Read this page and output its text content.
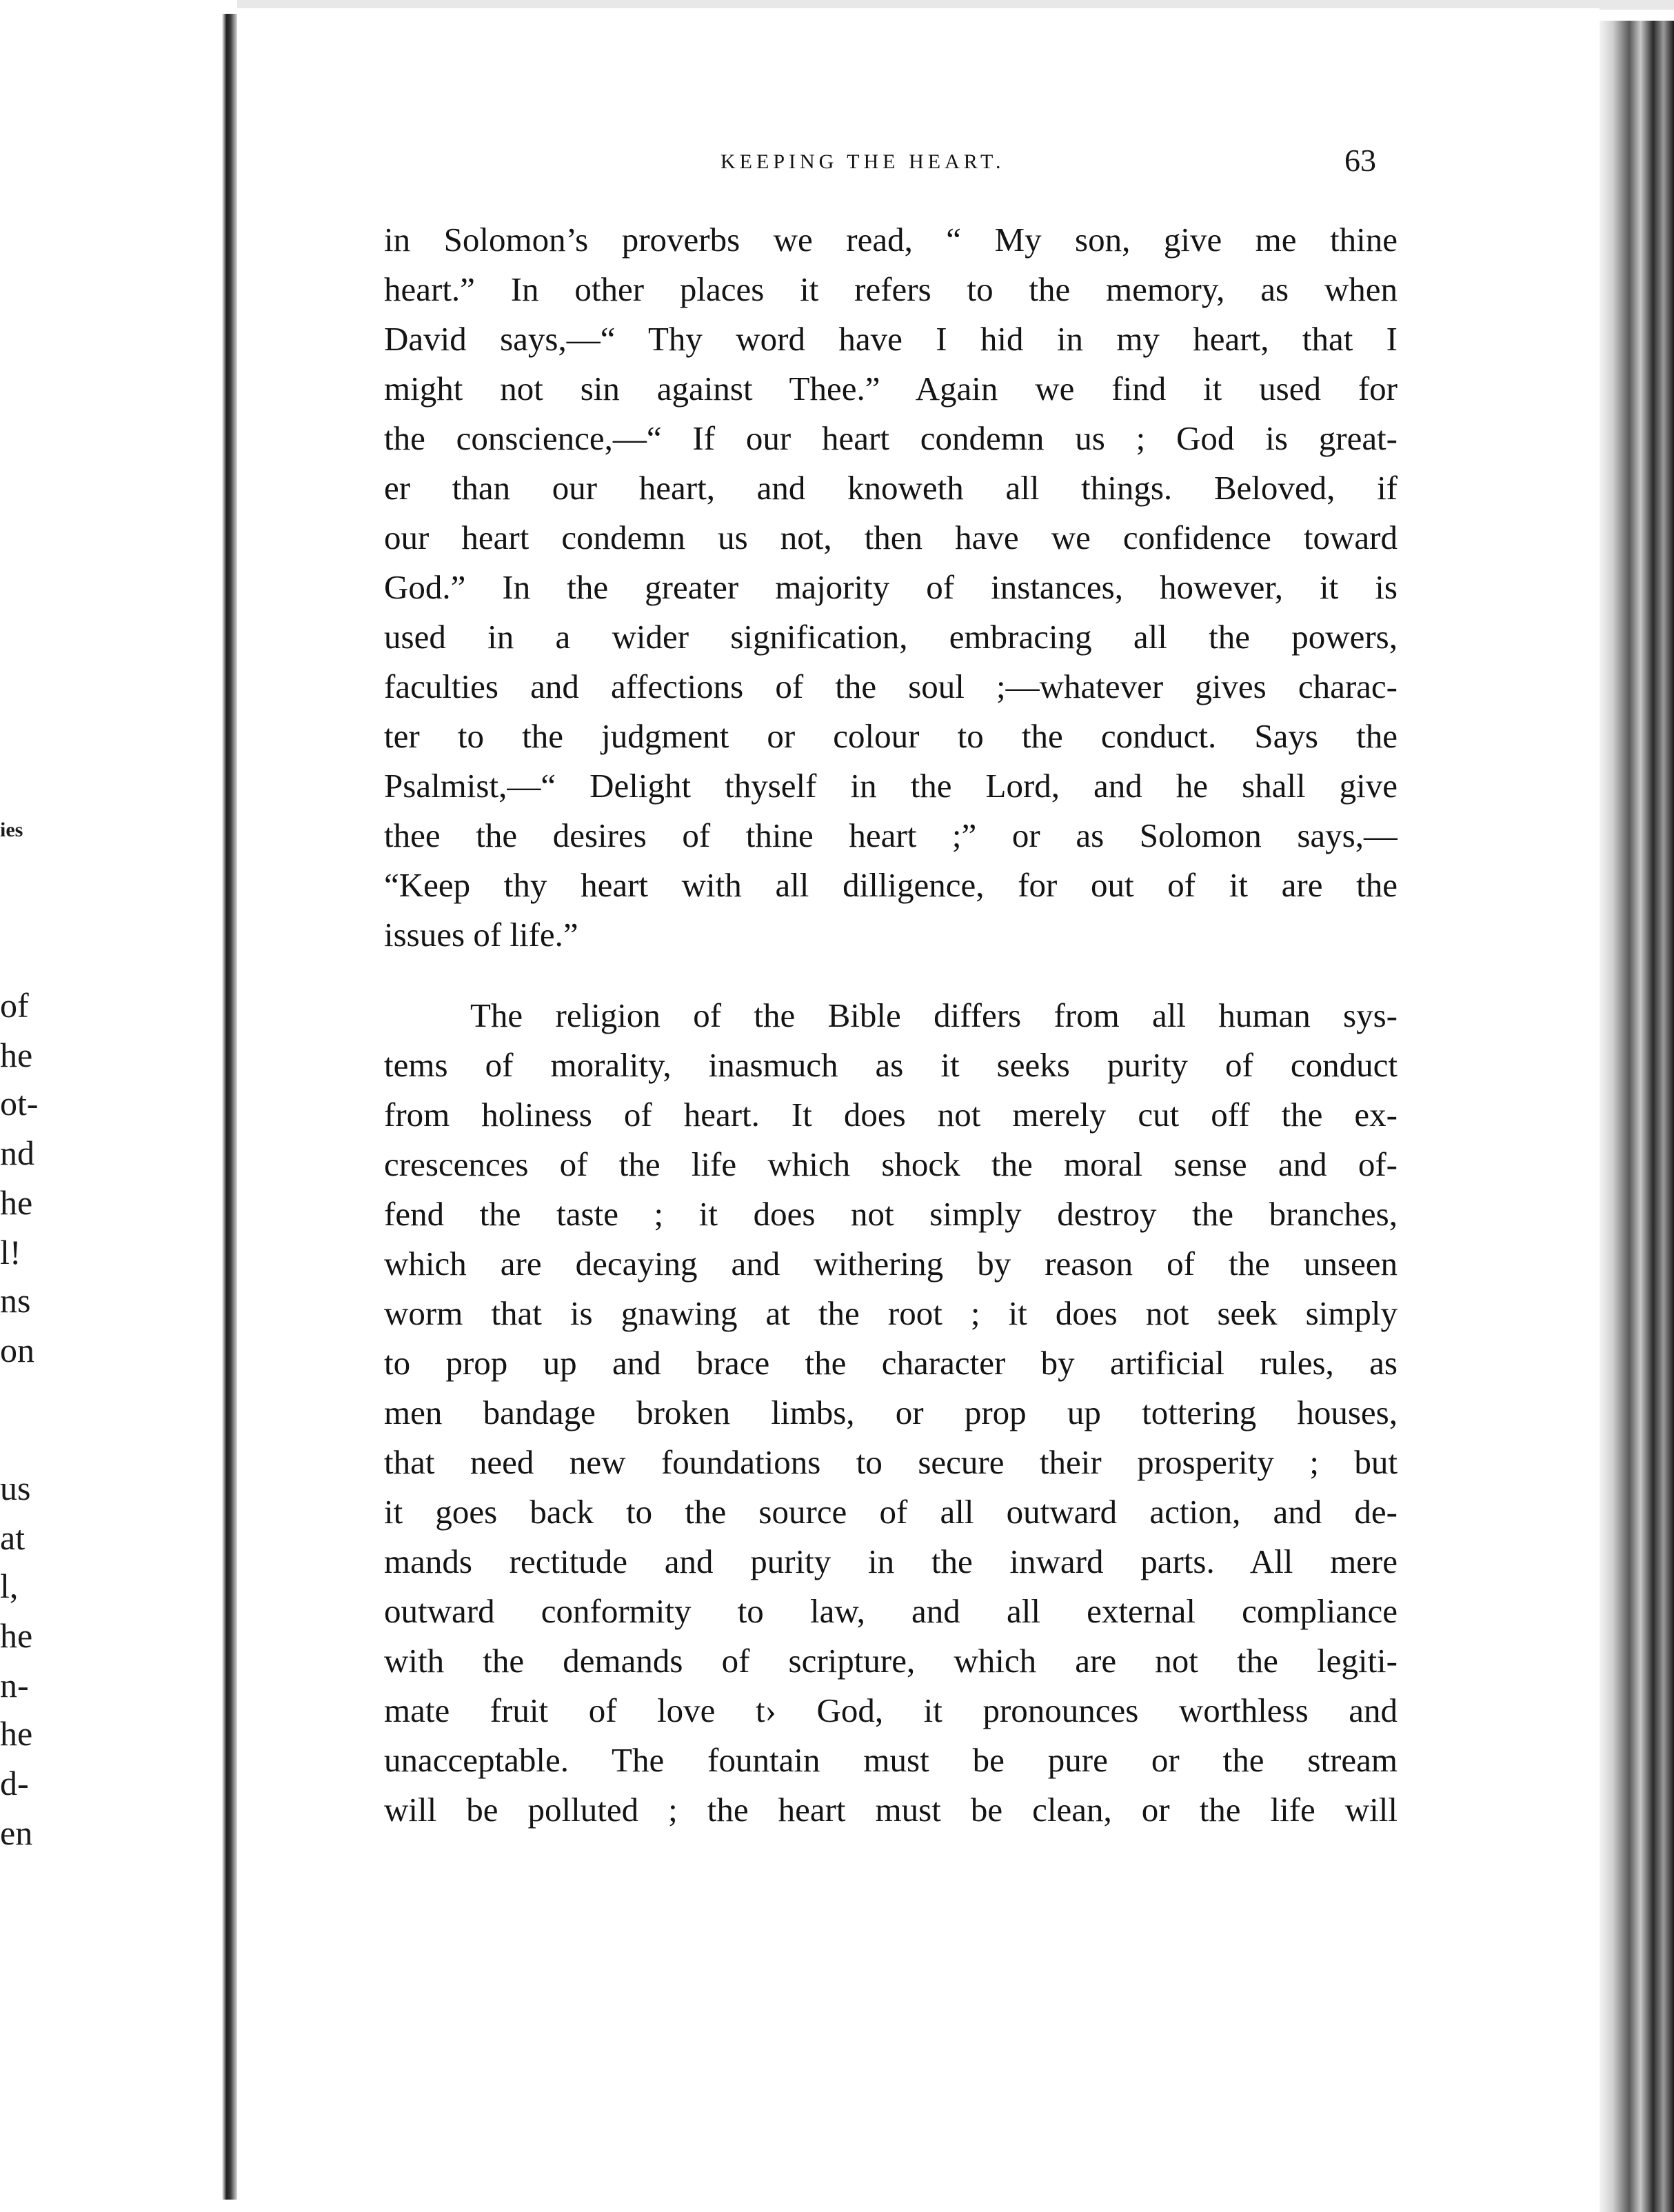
ies
of
he
ot-
nd
he
l!
ns
on
us
at
l,
he
n-
he
d-
en
KEEPING THE HEART.	63
in Solomon’s proverbs we read, “ My son, give me thine
heart.” In other places it refers to the memory, as when
David says,—“ Thy word have I hid in my heart, that I
might not sin against Thee.” Again we find it used for
the conscience,—“ If our heart condemn us ; God is great-
er than our heart, and knoweth all things. Beloved, if
our heart condemn us not, then have we confidence toward
God.” In the greater majority of instances, however, it is
used in a wider signification, embracing all the powers,
faculties and affections of the soul ;—whatever gives charac-
ter to the judgment or colour to the conduct. Says the
Psalmist,—“ Delight thyself in the Lord, and he shall give
thee the desires of thine heart ;” or as Solomon says,—
“Keep thy heart with all dilligence, for out of it are the
issues of life.”
The religion of the Bible differs from all human sys-
tems of morality, inasmuch as it seeks purity of conduct
from holiness of heart. It does not merely cut off the ex-
crescences of the life which shock the moral sense and of-
fend the taste ; it does not simply destroy the branches,
which are decaying and withering by reason of the unseen
worm that is gnawing at the root ; it does not seek simply
to prop up and brace the character by artificial rules, as
men bandage broken limbs, or prop up tottering houses,
that need new foundations to secure their prosperity ; but
it goes back to the source of all outward action, and de-
mands rectitude and purity in the inward parts. All mere
outward conformity to law, and all external compliance
with the demands of scripture, which are not the legiti-
mate fruit of love t› God, it pronounces worthless and
unacceptable. The fountain must be pure or the stream
will be polluted ; the heart must be clean, or the life will
